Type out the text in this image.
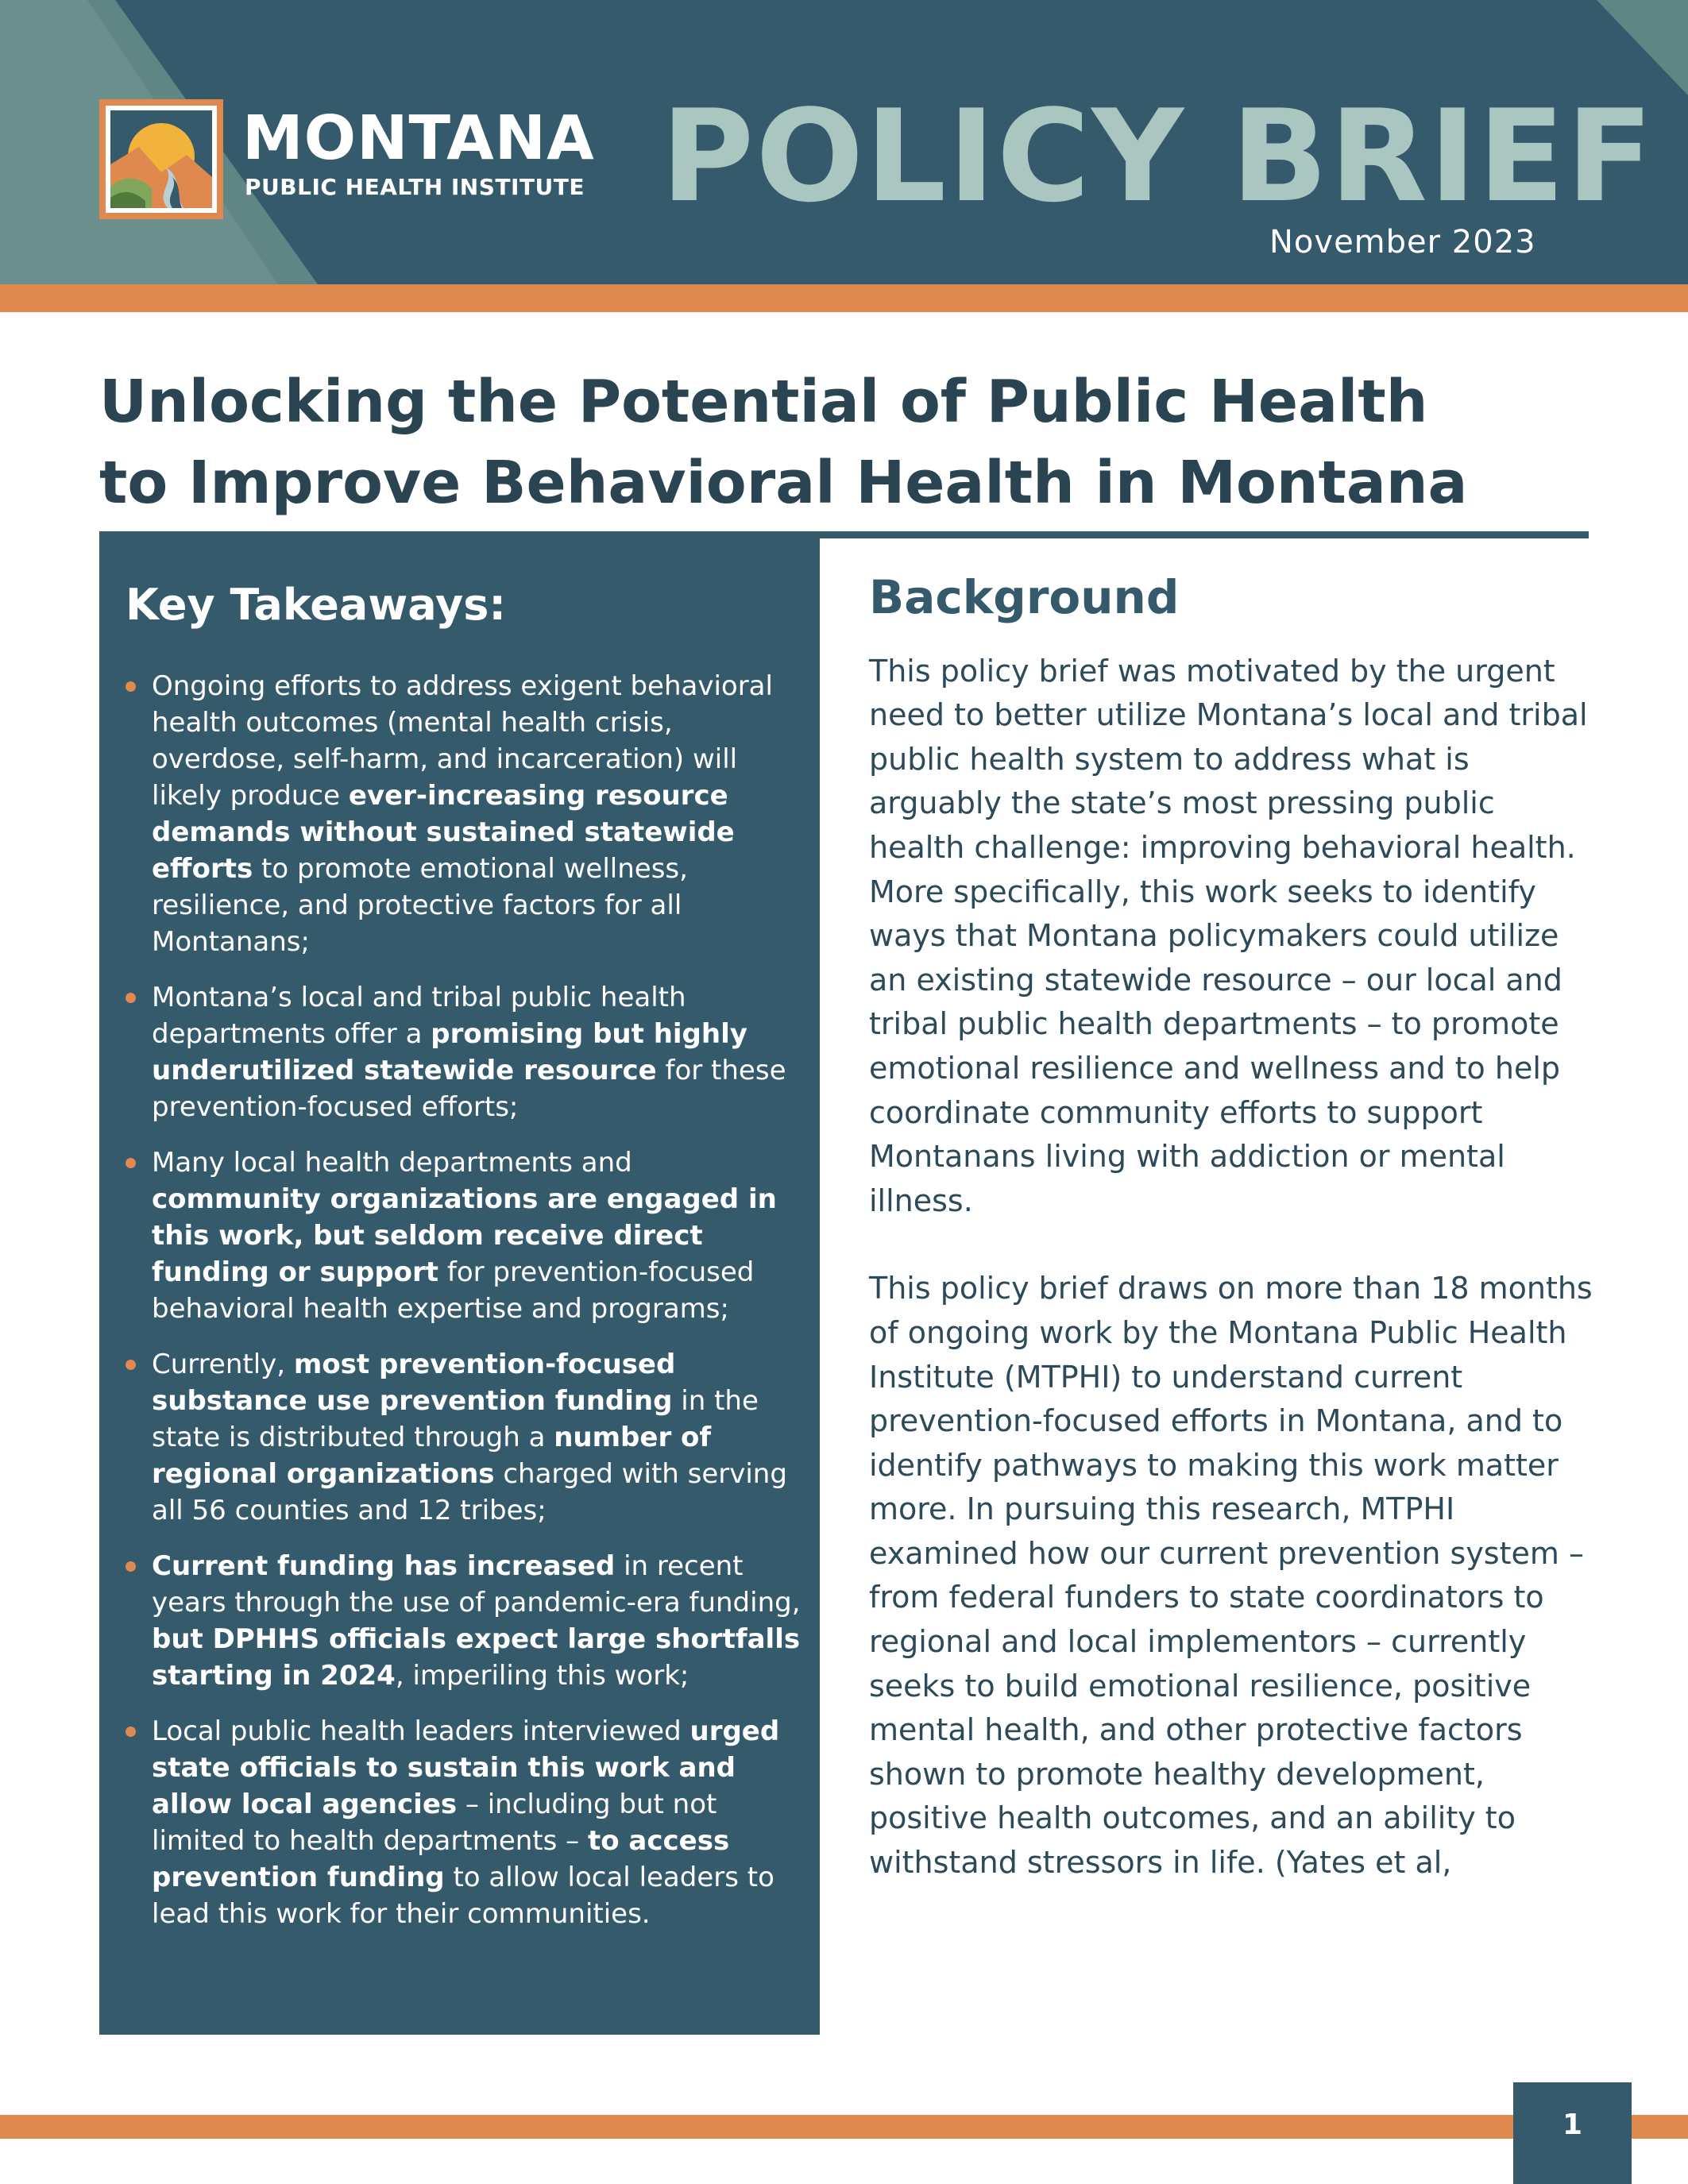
MONTANA
PUBLIC HEALTH INSTITUTE POLICY BRIEF
November 2023
Unlocking the Potential of Public Health
to Improve Behavioral Health in Montana
Key Takeaways:
Ongoing efforts to address exigent behavioral health outcomes (mental health crisis, overdose, self-harm, and incarceration) will likely produce ever-increasing resource demands without sustained statewide efforts to promote emotional wellness, resilience, and protective factors for all Montanans;
Montana’s local and tribal public health departments offer a promising but highly underutilized statewide resource for these prevention-focused efforts;
Many local health departments and community organizations are engaged in this work, but seldom receive direct funding or support for prevention-focused behavioral health expertise and programs;
Currently, most prevention-focused substance use prevention funding in the state is distributed through a number of regional organizations charged with serving all 56 counties and 12 tribes;
Current funding has increased in recent years through the use of pandemic-era funding, but DPHHS officials expect large shortfalls starting in 2024, imperiling this work;
Local public health leaders interviewed urged state officials to sustain this work and allow local agencies – including but not limited to health departments – to access prevention funding to allow local leaders to lead this work for their communities.
Background

This policy brief was motivated by the urgent need to better utilize Montana’s local and tribal public health system to address what is arguably the state’s most pressing public health challenge: improving behavioral health. More specifically, this work seeks to identify ways that Montana policymakers could utilize an existing statewide resource – our local and tribal public health departments – to promote emotional resilience and wellness and to help coordinate community efforts to support Montanans living with addiction or mental illness.

This policy brief draws on more than 18 months of ongoing work by the Montana Public Health Institute (MTPHI) to understand current prevention-focused efforts in Montana, and to identify pathways to making this work matter more. In pursuing this research, MTPHI examined how our current prevention system – from federal funders to state coordinators to regional and local implementors – currently seeks to build emotional resilience, positive mental health, and other protective factors shown to promote healthy development, positive health outcomes, and an ability to withstand stressors in life. (Yates et al,

1
